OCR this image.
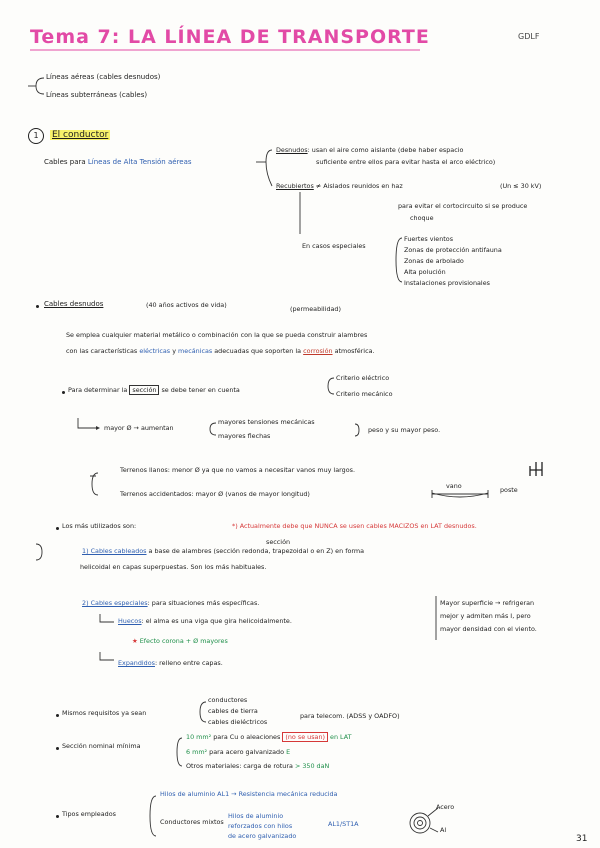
Tema 7: LA LÍNEA DE TRANSPORTE	GDLF
Líneas aéreas (cables desnudos)
Líneas subterráneas (cables)
1	El conductor
Cables para Líneas de Alta Tensión aéreas
Desnudos: usan el aire como aislante (debe haber espacio
suficiente entre ellos para evitar hasta el arco eléctrico)
Recubiertos ≠ Aislados reunidos en haz	(Un ≤ 30 kV)
para evitar el cortocircuito si se produce
choque
En casos especiales
Fuertes vientos
Zonas de protección antifauna
Zonas de arbolado
Alta polución
Instalaciones provisionales
Cables desnudos	(40 años activos de vida)	(permeabilidad)
Se emplea cualquier material metálico o combinación con la que se pueda construir alambres
con las características eléctricas y mecánicas adecuadas que soporten la corrosión atmosférica.
Para determinar la sección se debe tener en cuenta
Criterio eléctrico
Criterio mecánico
mayor Ø → aumentan
mayores tensiones mecánicas
mayores flechas
peso y su mayor peso.
Terrenos llanos: menor Ø ya que no vamos a necesitar vanos muy largos.
Terrenos accidentados: mayor Ø (vanos de mayor longitud)
vano	poste
Los más utilizados son:	*) Actualmente debe que NUNCA se usen cables MACIZOS en LAT desnudos.
sección
1) Cables cableados a base de alambres (sección redonda, trapezoidal o en Z) en forma
helicoidal en capas superpuestas. Son los más habituales.
2) Cables especiales: para situaciones más específicas.
Huecos: el alma es una viga que gira helicoidalmente.
★ Efecto corona + Ø mayores
Expandidos: relleno entre capas.
Mayor superficie → refrigeran
mejor y admiten más I, pero
mayor densidad con el viento.
Mismos requisitos ya sean
conductores
cables de tierra
cables dieléctricos
para telecom. (ADSS y OADFO)
Sección nominal mínima
10 mm² para Cu o aleaciones (no se usan) en LAT
6 mm² para acero galvanizado E
Otros materiales: carga de rotura > 350 daN
Tipos empleados
Hilos de aluminio AL1 → Resistencia mecánica reducida
Conductores mixtos
Hilos de aluminio
reforzados con hilos
de acero galvanizado
AL1/ST1A
Acero
Al
31
